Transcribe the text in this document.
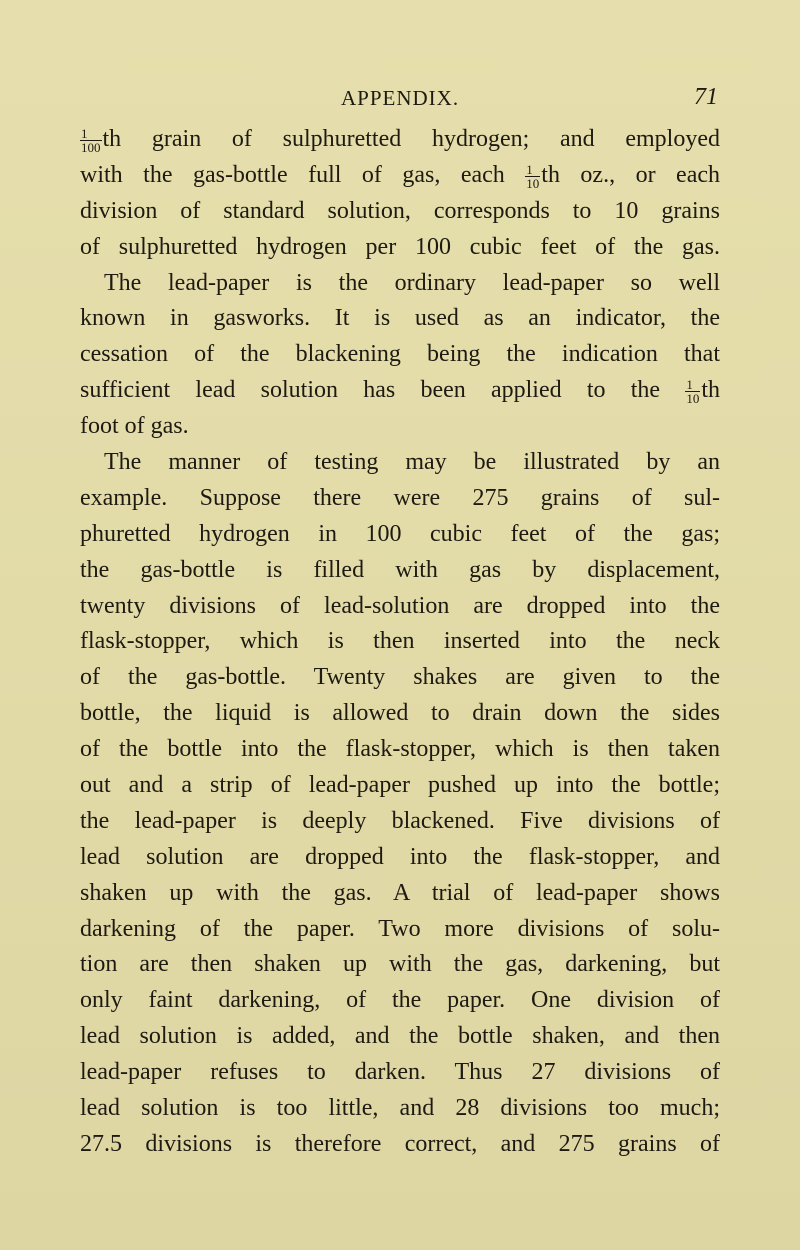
APPENDIX.	71
$\frac{1}{100}$ th grain of sulphuretted hydrogen; and employed
with the gas-bottle full of gas, each $\frac{1}{10}$ th oz., or each
division of standard solution, corresponds to 10 grains
of sulphuretted hydrogen per 100 cubic feet of the gas.
The lead-paper is the ordinary lead-paper so well
known in gasworks. It is used as an indicator, the
cessation of the blackening being the indication that
sufficient lead solution has been applied to the $\frac{1}{10}$ th
foot of gas.
The manner of testing may be illustrated by an
example. Suppose there were 275 grains of sul-
phuretted hydrogen in 100 cubic feet of the gas;
the gas-bottle is filled with gas by displacement,
twenty divisions of lead-solution are dropped into the
flask-stopper, which is then inserted into the neck
of the gas-bottle. Twenty shakes are given to the
bottle, the liquid is allowed to drain down the sides
of the bottle into the flask-stopper, which is then taken
out and a strip of lead-paper pushed up into the bottle;
the lead-paper is deeply blackened. Five divisions of
lead solution are dropped into the flask-stopper, and
shaken up with the gas. A trial of lead-paper shows
darkening of the paper. Two more divisions of solu-
tion are then shaken up with the gas, darkening, but
only faint darkening, of the paper. One division of
lead solution is added, and the bottle shaken, and then
lead-paper refuses to darken. Thus 27 divisions of
lead solution is too little, and 28 divisions too much;
27.5 divisions is therefore correct, and 275 grains of
